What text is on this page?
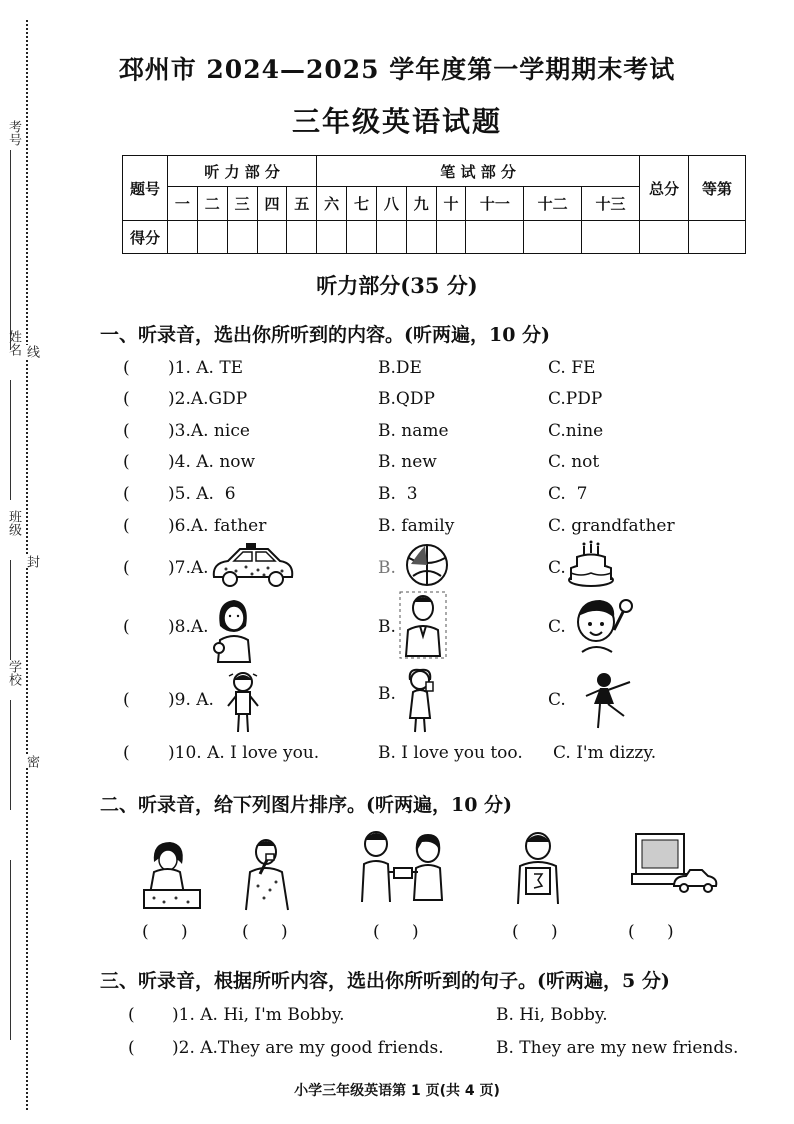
学校
班级
姓名
考号
密
封
线
邳州市 2024—2025 学年度第一学期期末考试
三年级英语试题
题号	听 力 部 分					笔 试 部 分								总分	等第
	一	二	三	四	五	六	七	八	九	十	十一	十二	十三		
得分															
听力部分(35 分)
一、听录音，选出你所听到的内容。(听两遍，10 分)
( )1. A. TE	B.DE	C. FE
( )2.A.GDP	B.QDP	C.PDP
( )3.A. nice	B. name	C.nine
( )4. A. now	B. new	C. not
( )5. A.  6	B.  3	C.  7
( )6.A. father	B. family	C. grandfather
( )7.A.	B.	C.
( )8.A.	B.	C.
( )9. A.	B.	C.
( )10. A. I love you.	B. I love you too. C. I'm dizzy.
二、听录音，给下列图片排序。(听两遍，10 分)
(      )	(      )	(      )	(      )	(      )
三、听录音，根据所听内容，选出你所听到的句子。(听两遍，5 分)
( )1. A. Hi, I'm Bobby.	B. Hi, Bobby.
( )2. A.They are my good friends.	B. They are my new friends.
小学三年级英语第 1 页(共 4 页)
